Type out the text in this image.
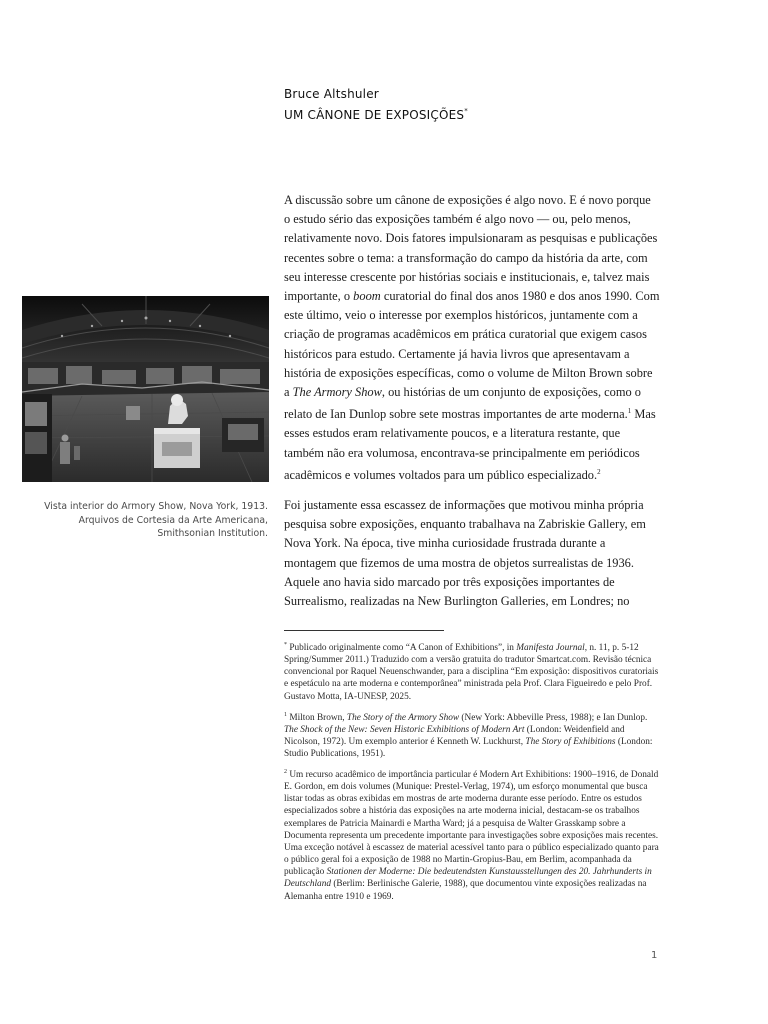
Bruce Altshuler
UM CÂNONE DE EXPOSIÇÕES*

A discussão sobre um cânone de exposições é algo novo. E é novo porque o estudo sério das exposições também é algo novo — ou, pelo menos, relativamente novo. Dois fatores impulsionaram as pesquisas e publicações recentes sobre o tema: a transformação do campo da história da arte, com seu interesse crescente por histórias sociais e institucionais, e, talvez mais importante, o boom curatorial do final dos anos 1980 e dos anos 1990. Com este último, veio o interesse por exemplos históricos, juntamente com a criação de programas acadêmicos em prática curatorial que exigem casos históricos para estudo. Certamente já havia livros que apresentavam a história de exposições específicas, como o volume de Milton Brown sobre a The Armory Show, ou histórias de um conjunto de exposições, como o relato de Ian Dunlop sobre sete mostras importantes de arte moderna.$^1$ Mas esses estudos eram relativamente poucos, e a literatura restante, que também não era volumosa, encontrava-se principalmente em periódicos acadêmicos e volumes voltados para um público especializado.$^2$

Vista interior do Armory Show, Nova York, 1913.
Arquivos de Cortesia da Arte Americana,
Smithsonian Institution.

Foi justamente essa escassez de informações que motivou minha própria pesquisa sobre exposições, enquanto trabalhava na Zabriskie Gallery, em Nova York. Na época, tive minha curiosidade frustrada durante a montagem que fizemos de uma mostra de objetos surrealistas de 1936. Aquele ano havia sido marcado por três exposições importantes de Surrealismo, realizadas na New Burlington Galleries, em Londres; no

* Publicado originalmente como “A Canon of Exhibitions”, in Manifesta Journal, n. 11, p. 5-12 Spring/Summer 2011.) Traduzido com a versão gratuita do tradutor Smartcat.com. Revisão técnica convencional por Raquel Neuenschwander, para a disciplina “Em exposição: dispositivos curatoriais e espetáculo na arte moderna e contemporânea” ministrada pela Prof. Clara Figueiredo e pelo Prof. Gustavo Motta, IA-UNESP, 2025.

$^1$ Milton Brown, The Story of the Armory Show (New York: Abbeville Press, 1988); e Ian Dunlop. The Shock of the New: Seven Historic Exhibitions of Modern Art (London: Weidenfield and Nicolson, 1972). Um exemplo anterior é Kenneth W. Luckhurst, The Story of Exhibitions (London: Studio Publications, 1951).

$^2$ Um recurso acadêmico de importância particular é Modern Art Exhibitions: 1900–1916, de Donald E. Gordon, em dois volumes (Munique: Prestel-Verlag, 1974), um esforço monumental que busca listar todas as obras exibidas em mostras de arte moderna durante esse período. Entre os estudos especializados sobre a história das exposições na arte moderna inicial, destacam-se os trabalhos exemplares de Patricia Mainardi e Martha Ward; já a pesquisa de Walter Grasskamp sobre a Documenta representa um precedente importante para investigações sobre exposições mais recentes. Uma exceção notável à escassez de material acessível tanto para o público especializado quanto para o público geral foi a exposição de 1988 no Martin-Gropius-Bau, em Berlim, acompanhada da publicação Stationen der Moderne: Die bedeutendsten Kunstausstellungen des 20. Jahrhunderts in Deutschland (Berlim: Berlinische Galerie, 1988), que documentou vinte exposições realizadas na Alemanha entre 1910 e 1969.

1
